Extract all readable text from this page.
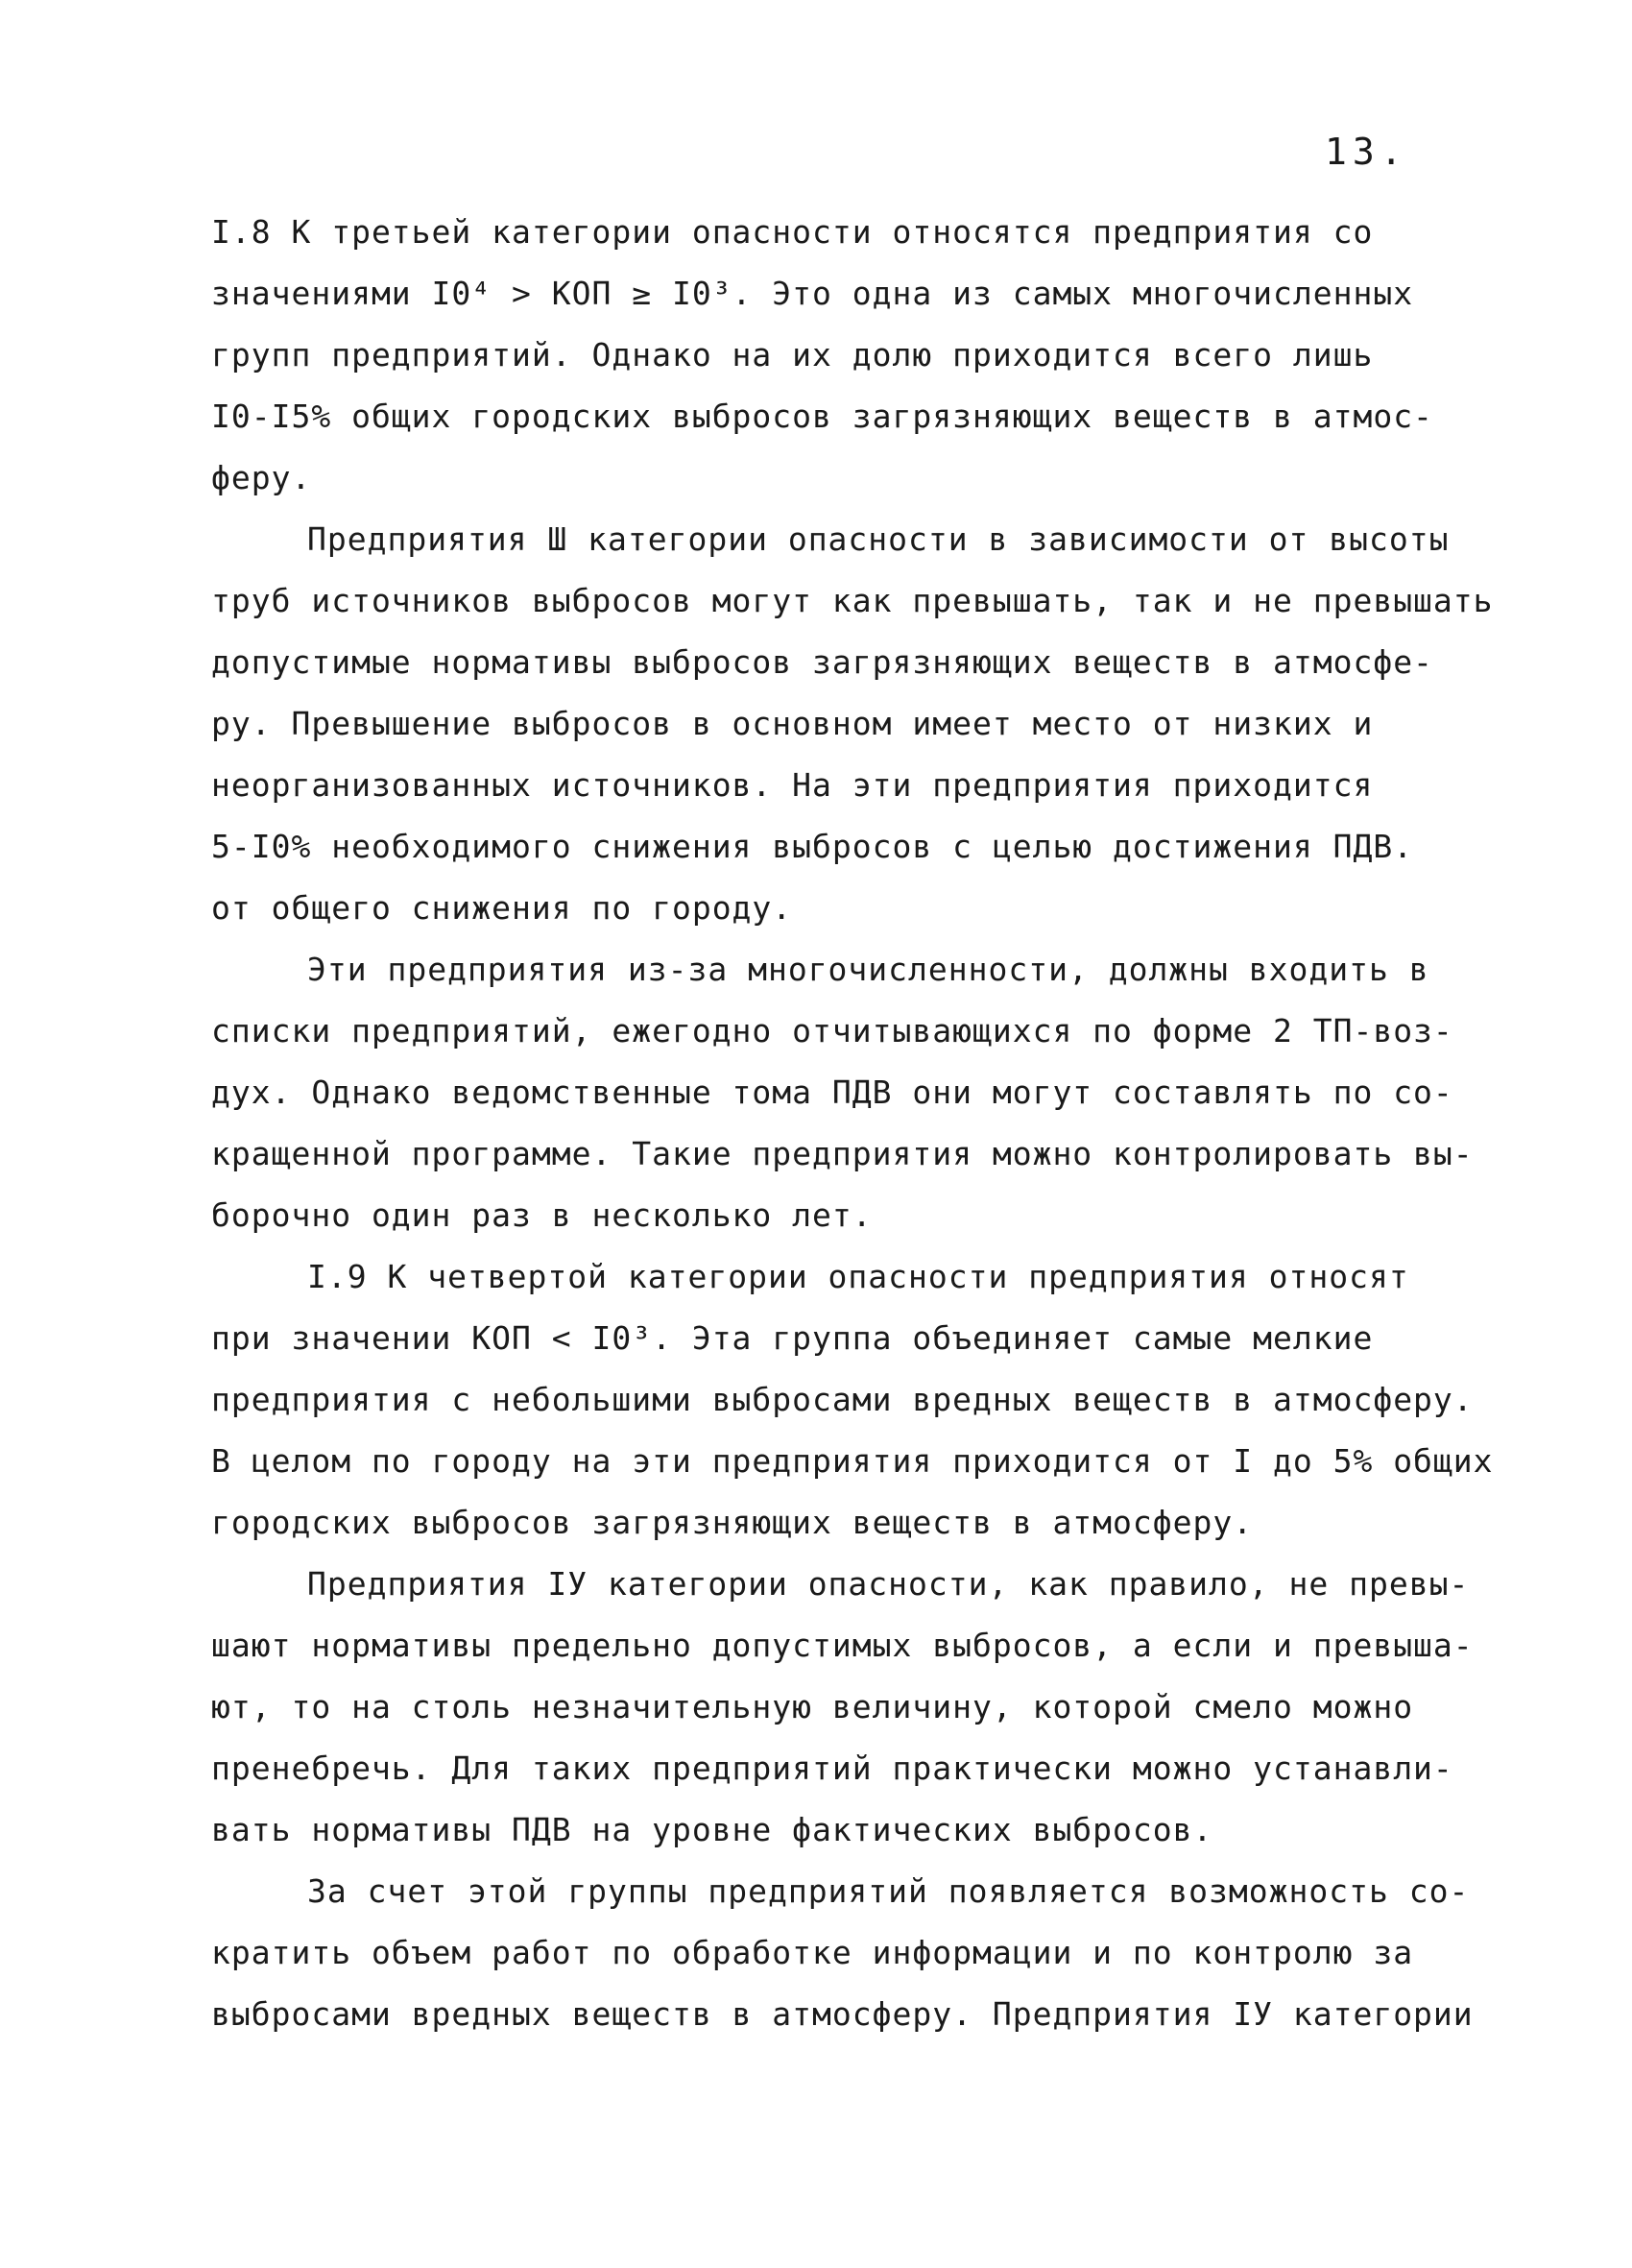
13.
I.8 К третьей категории опасности относятся предприятия со
значениями I0⁴ > КОП ≥ I0³. Это одна из самых многочисленных
групп предприятий. Однако на их долю приходится всего лишь
I0-I5% общих городских выбросов загрязняющих веществ в атмос-
феру.
Предприятия Ш категории опасности в зависимости от высоты
труб источников выбросов могут как превышать, так и не превышать
допустимые нормативы выбросов загрязняющих веществ в атмосфе-
ру. Превышение выбросов в основном имеет место от низких и
неорганизованных источников. На эти предприятия приходится
5-I0% необходимого снижения выбросов с целью достижения ПДВ.
от общего снижения по городу.
Эти предприятия из-за многочисленности, должны входить в
списки предприятий, ежегодно отчитывающихся по форме 2 ТП-воз-
дух. Однако ведомственные тома ПДВ они могут составлять по со-
кращенной программе. Такие предприятия можно контролировать вы-
борочно один раз в несколько лет.
I.9 К четвертой категории опасности предприятия относят
при значении КОП < I0³. Эта группа объединяет самые мелкие
предприятия с небольшими выбросами вредных веществ в атмосферу.
В целом по городу на эти предприятия приходится от I до 5% общих
городских выбросов загрязняющих веществ в атмосферу.
Предприятия IУ категории опасности, как правило, не превы-
шают нормативы предельно допустимых выбросов, а если и превыша-
ют, то на столь незначительную величину, которой смело можно
пренебречь. Для таких предприятий практически можно устанавли-
вать нормативы ПДВ на уровне фактических выбросов.
За счет этой группы предприятий появляется возможность со-
кратить объем работ по обработке информации и по контролю за
выбросами вредных веществ в атмосферу. Предприятия IУ категории
